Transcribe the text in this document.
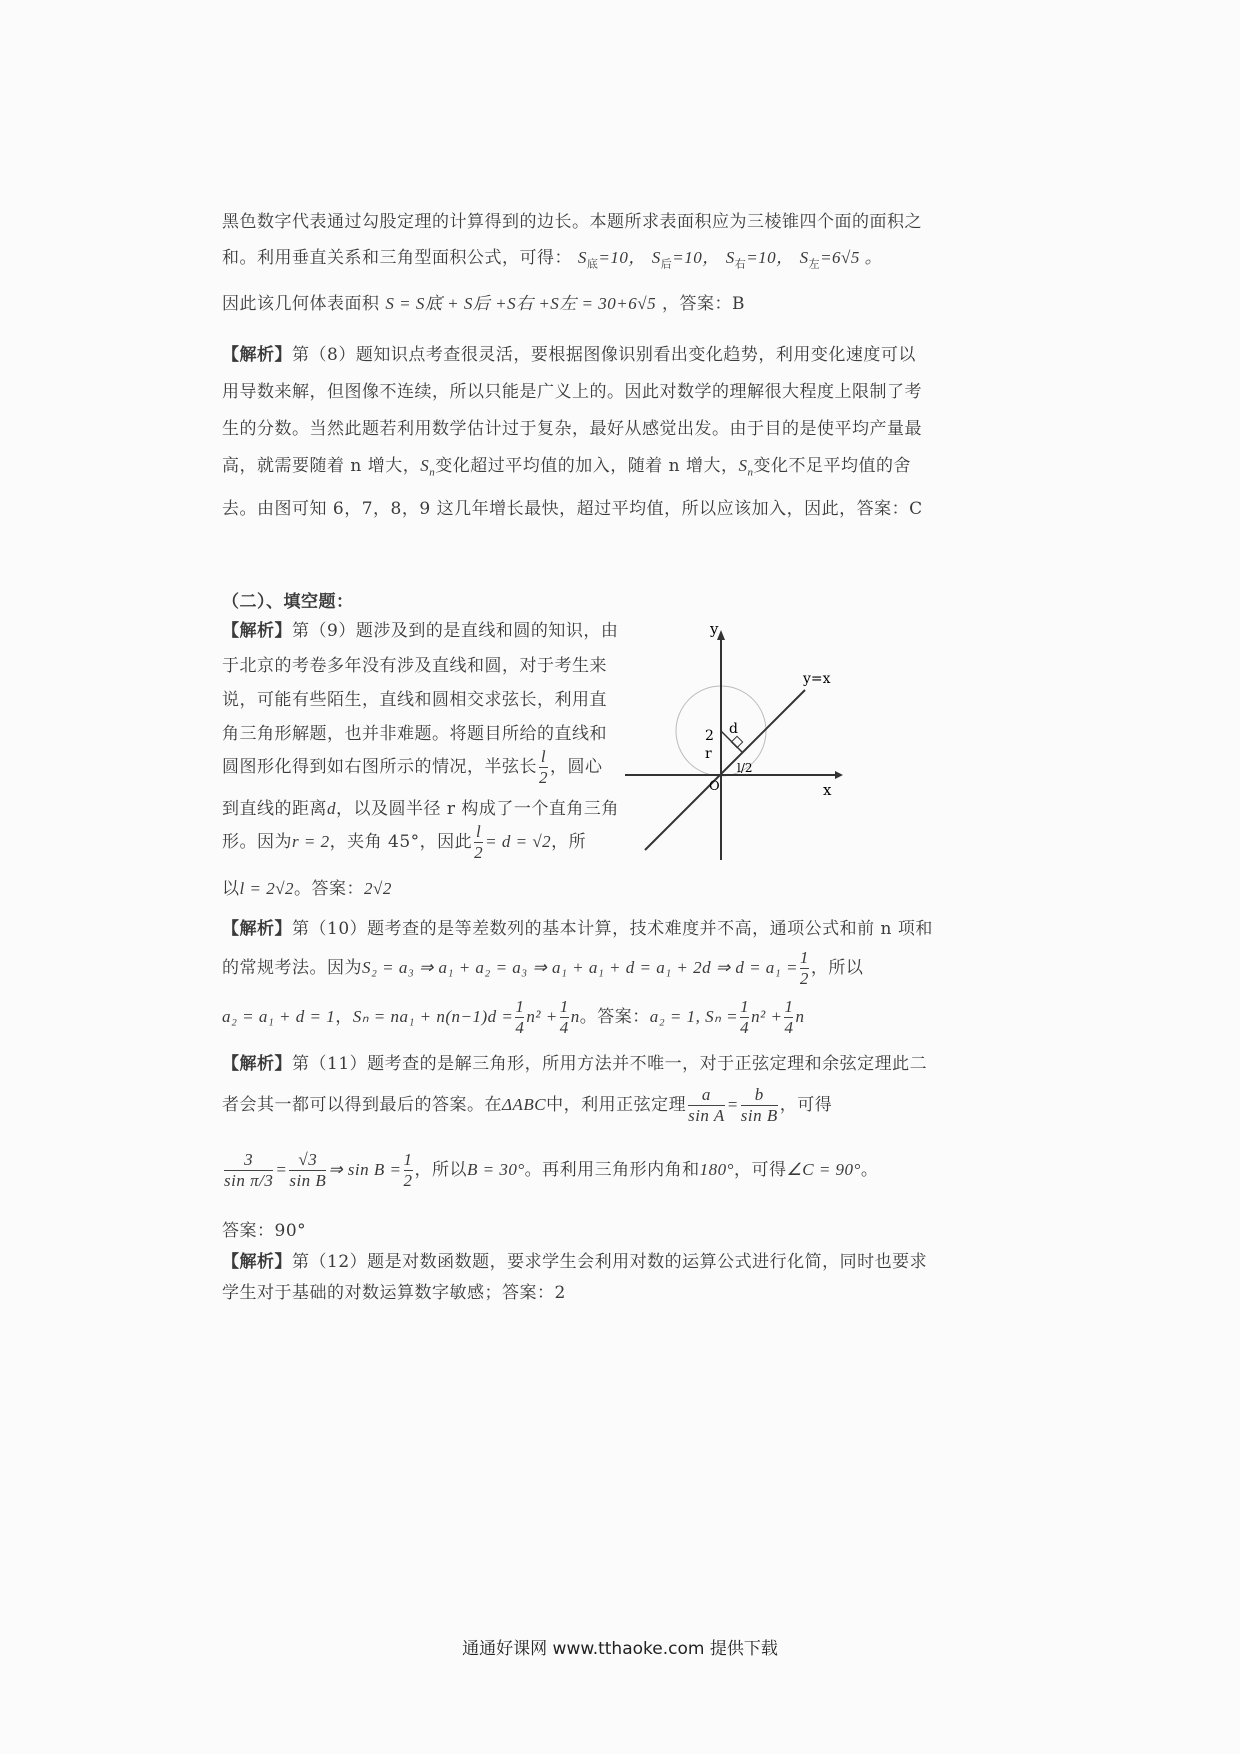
黑色数字代表通过勾股定理的计算得到的边长。本题所求表面积应为三棱锥四个面的面积之
和。利用垂直关系和三角型面积公式，可得： $S_底=10$， $S_后=10$， $S_右=10$， $S_左=6√5$ 。
因此该几何体表面积 S = S底 + S后 +S右 +S左 = 30+6√5 ，答案：B
【解析】第（8）题知识点考查很灵活，要根据图像识别看出变化趋势，利用变化速度可以
用导数来解，但图像不连续，所以只能是广义上的。因此对数学的理解很大程度上限制了考
生的分数。当然此题若利用数学估计过于复杂，最好从感觉出发。由于目的是使平均产量最
高，就需要随着 n 增大，$S_n$变化超过平均值的加入，随着 n 增大，$S_n$变化不足平均值的舍
去。由图可知 6，7，8，9 这几年增长最快，超过平均值，所以应该加入，因此，答案：C
（二）、填空题：
【解析】第（9）题涉及到的是直线和圆的知识，由
于北京的考卷多年没有涉及直线和圆，对于考生来
说，可能有些陌生，直线和圆相交求弦长，利用直
角三角形解题，也并非难题。将题目所给的直线和
圆图形化得到如右图所示的情况，半弦长 $\frac{l}{2}$ ，圆心
到直线的距离d，以及圆半径 r 构成了一个直角三角
形。因为r = 2，夹角 45°，因此 $\frac{l}{2} = d = √2$，所
以l = 2√2。答案：2√2
y
x
y=x
2
r
d
O
l/2
【解析】第（10）题考查的是等差数列的基本计算，技术难度并不高，通项公式和前 n 项和
的常规考法。因为S₂ = a₃ ⇒ a₁ + a₂ = a₃ ⇒ a₁ + a₁ + d = a₁ + 2d ⇒ $d = a_1 = \frac{1}{2}$ ，所以
a₂ = a₁ + d = 1，$S_n = na_1 + n(n-1)d = \frac{1}{4} n^2 + \frac{1}{4}$ n。答案：a₂ = 1, $S_n = \frac{1}{4} n^2 + \frac{1}{4}$ n
【解析】第（11）题考查的是解三角形，所用方法并不唯一，对于正弦定理和余弦定理此二
者会其一都可以得到最后的答案。在ΔABC中，利用正弦定理 $\frac{a}{\text{sin A}} = \frac{b}{\text{sin B}}$ ，可得
$\frac{3}{\text{sin π/3}} = \frac{√3}{\text{sin B}}$ ⇒ $\sin B = \frac{1}{2}$ ，所以B = 30°。再利用三角形内角和180°，可得∠C = 90°。
答案：90°
【解析】第（12）题是对数函数题，要求学生会利用对数的运算公式进行化简，同时也要求
学生对于基础的对数运算数字敏感；答案：2
通通好课网 www.tthaoke.com 提供下载
